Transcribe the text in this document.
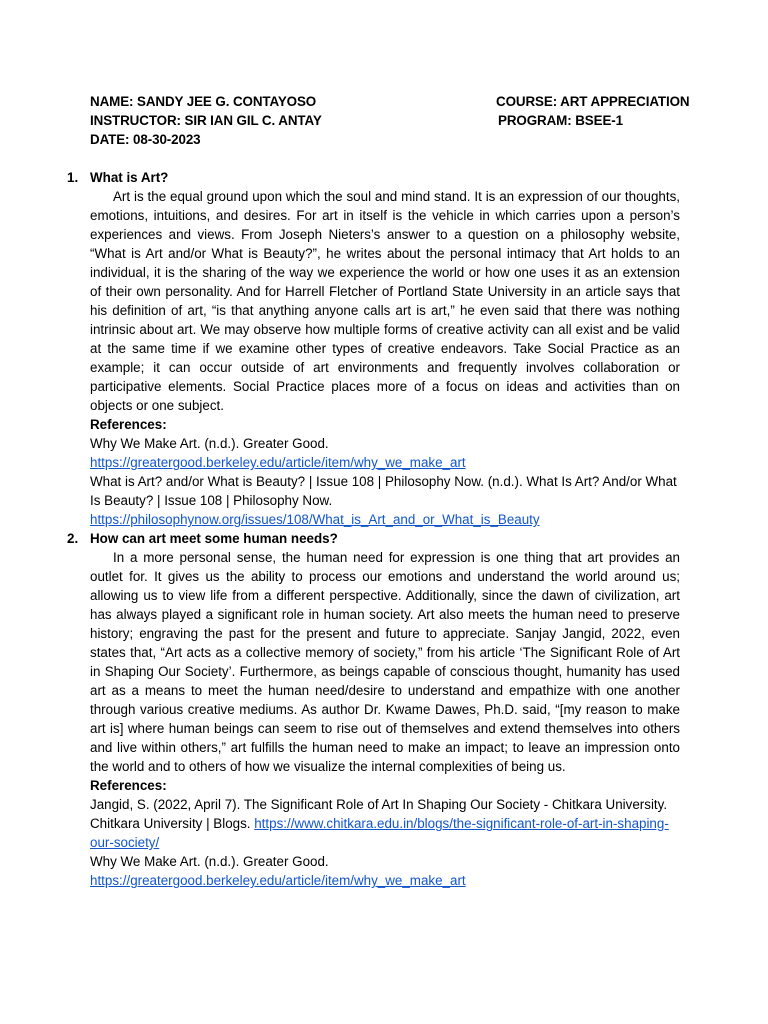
NAME: SANDY JEE G. CONTAYOSO
INSTRUCTOR: SIR IAN GIL C. ANTAY
DATE: 08-30-2023
COURSE: ART APPRECIATION
PROGRAM: BSEE-1
1. What is Art?

Art is the equal ground upon which the soul and mind stand. It is an expression of our thoughts, emotions, intuitions, and desires. For art in itself is the vehicle in which carries upon a person’s experiences and views. From Joseph Nieters’s answer to a question on a philosophy website, “What is Art and/or What is Beauty?”, he writes about the personal intimacy that Art holds to an individual, it is the sharing of the way we experience the world or how one uses it as an extension of their own personality. And for Harrell Fletcher of Portland State University in an article says that his definition of art, “is that anything anyone calls art is art,” he even said that there was nothing intrinsic about art. We may observe how multiple forms of creative activity can all exist and be valid at the same time if we examine other types of creative endeavors. Take Social Practice as an example; it can occur outside of art environments and frequently involves collaboration or participative elements. Social Practice places more of a focus on ideas and activities than on objects or one subject.

References:

Why We Make Art. (n.d.). Greater Good.
https://greatergood.berkeley.edu/article/item/why_we_make_art

What is Art? and/or What is Beauty? | Issue 108 | Philosophy Now. (n.d.). What Is Art? And/or What Is Beauty? | Issue 108 | Philosophy Now.
https://philosophynow.org/issues/108/What_is_Art_and_or_What_is_Beauty

2. How can art meet some human needs?

In a more personal sense, the human need for expression is one thing that art provides an outlet for. It gives us the ability to process our emotions and understand the world around us; allowing us to view life from a different perspective. Additionally, since the dawn of civilization, art has always played a significant role in human society. Art also meets the human need to preserve history; engraving the past for the present and future to appreciate. Sanjay Jangid, 2022, even states that, “Art acts as a collective memory of society,” from his article ‘The Significant Role of Art in Shaping Our Society’. Furthermore, as beings capable of conscious thought, humanity has used art as a means to meet the human need/desire to understand and empathize with one another through various creative mediums. As author Dr. Kwame Dawes, Ph.D. said, “[my reason to make art is] where human beings can seem to rise out of themselves and extend themselves into others and live within others,” art fulfills the human need to make an impact; to leave an impression onto the world and to others of how we visualize the internal complexities of being us.

References:

Jangid, S. (2022, April 7). The Significant Role of Art In Shaping Our Society - Chitkara University. Chitkara University | Blogs. https://www.chitkara.edu.in/blogs/the-significant-role-of-art-in-shaping-our-society/

Why We Make Art. (n.d.). Greater Good.
https://greatergood.berkeley.edu/article/item/why_we_make_art
